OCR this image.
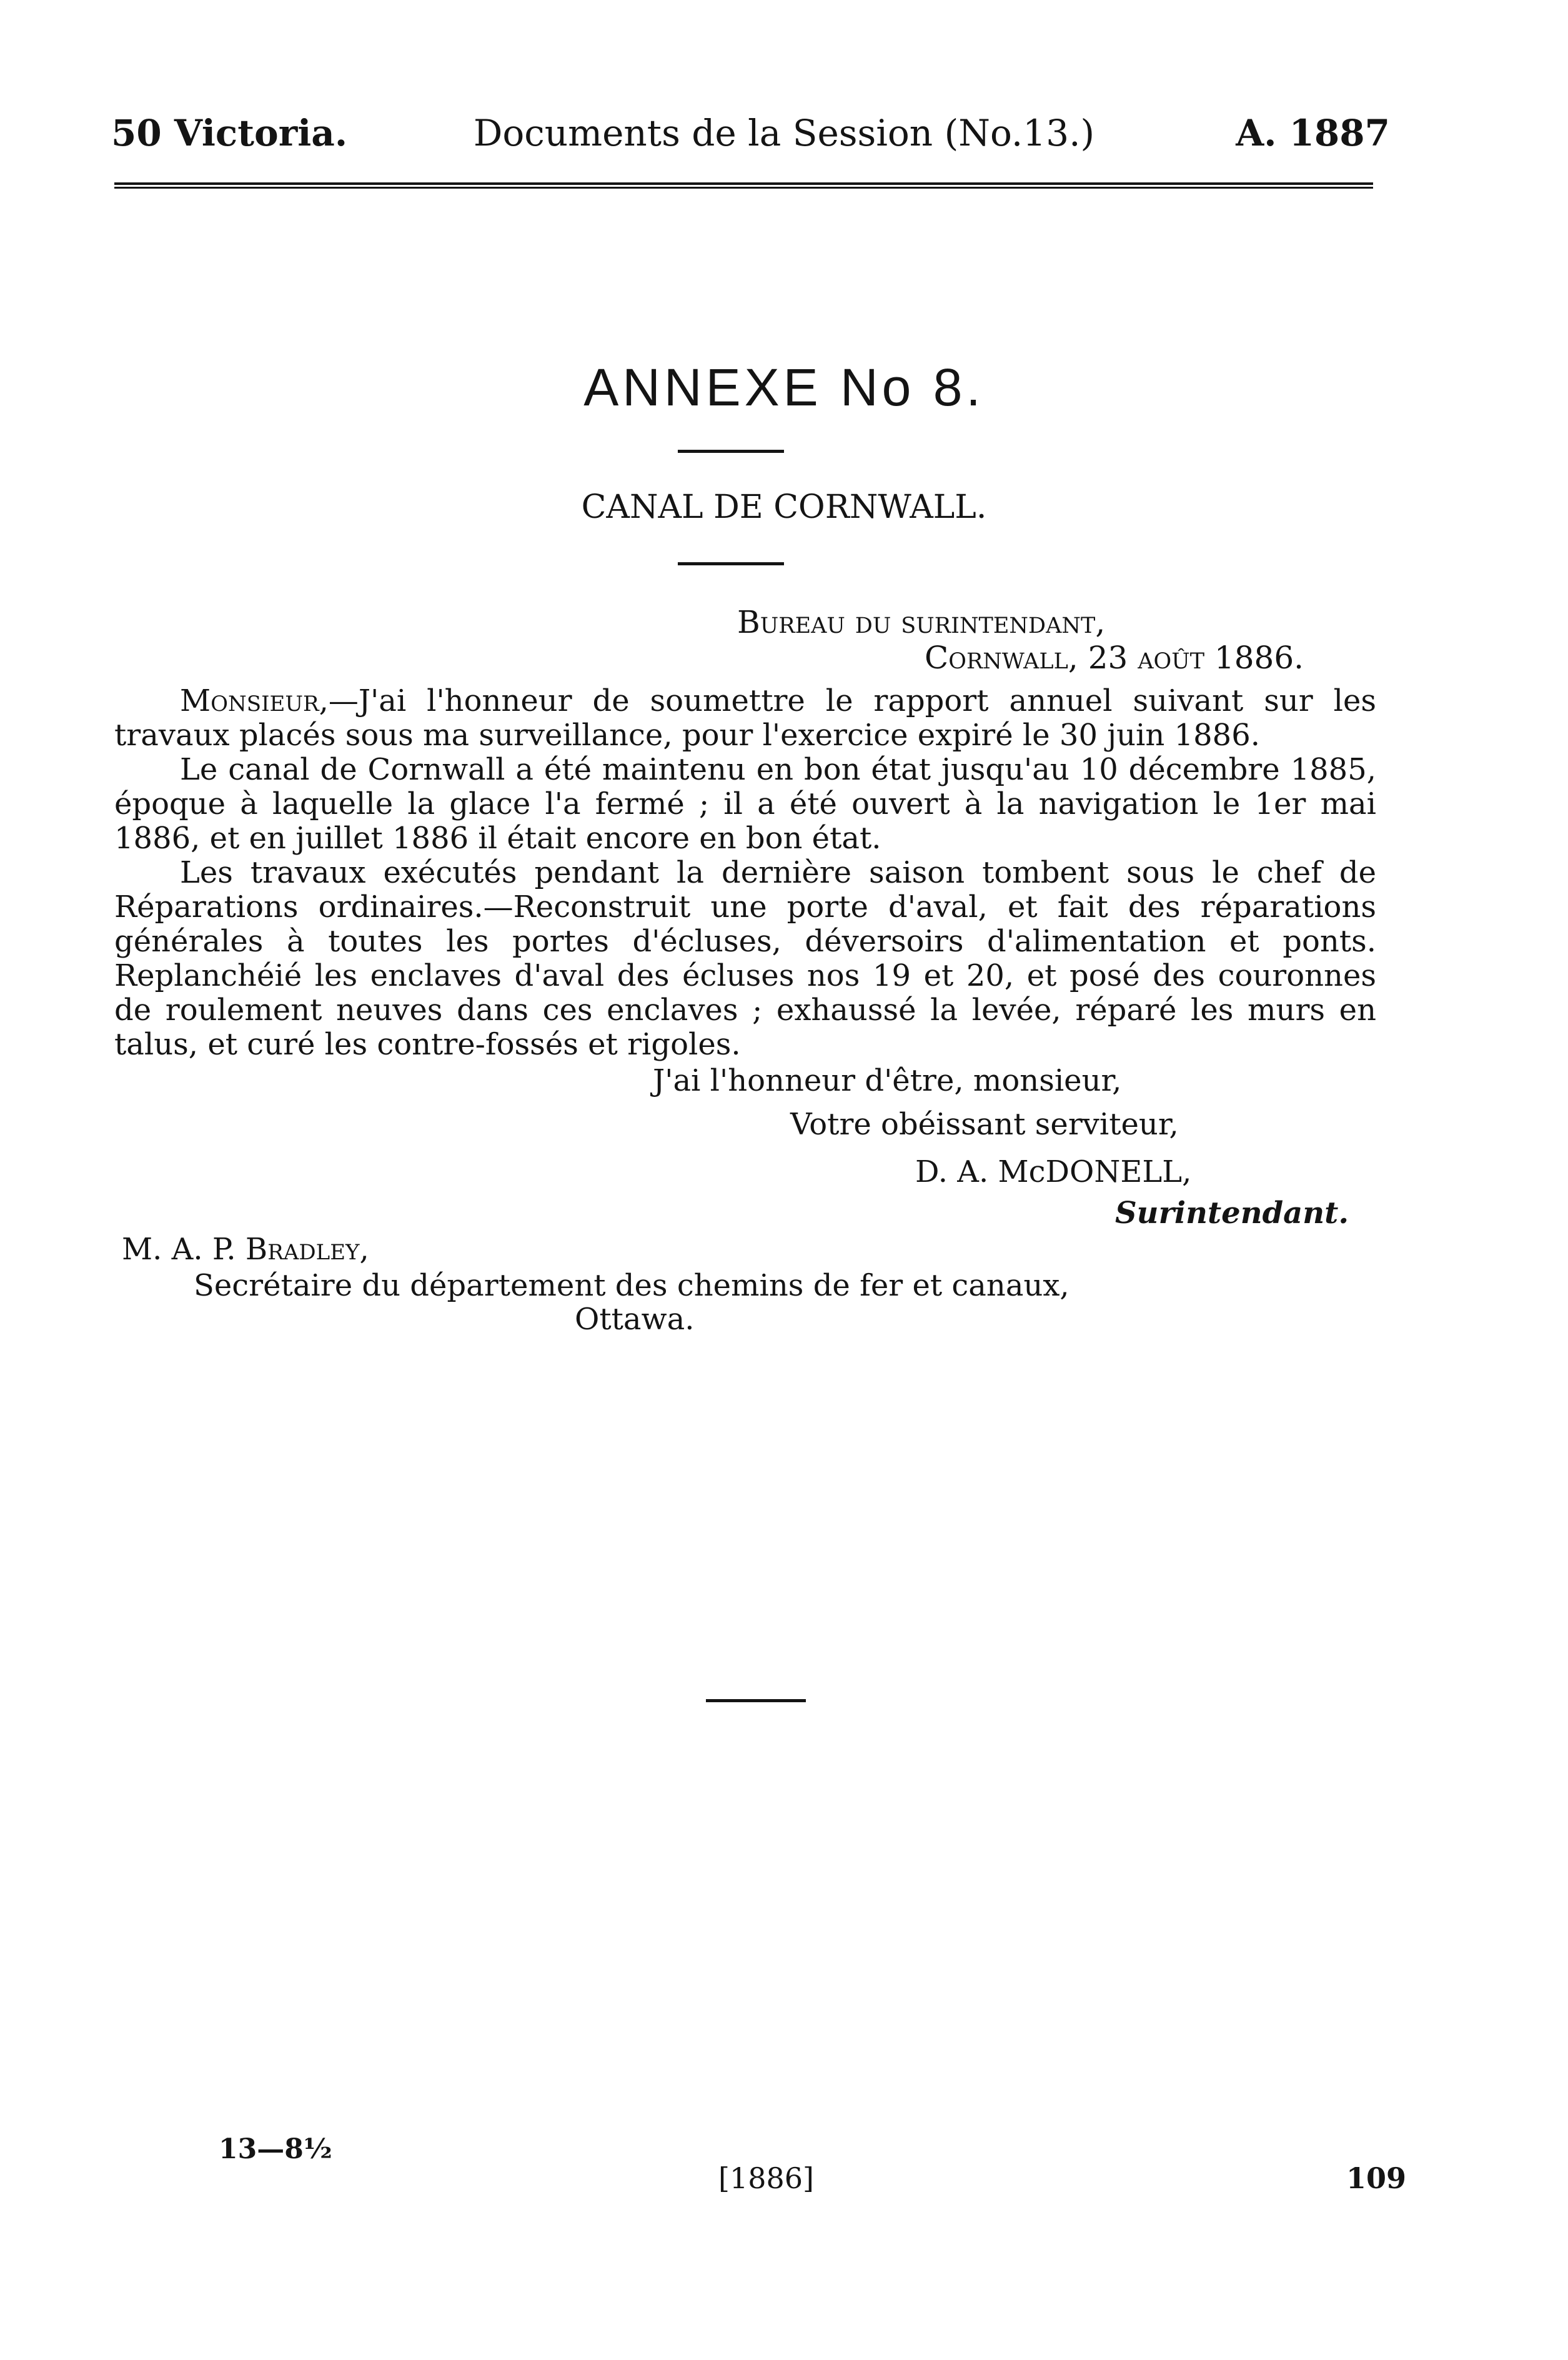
50 Victoria.	Documents de la Session (No.13.)	A. 1887
ANNEXE No 8.
CANAL DE CORNWALL.
Bureau du surintendant,
Cornwall, 23 août 1886.

Monsieur,—J'ai l'honneur de soumettre le rapport annuel suivant sur les travaux placés sous ma surveillance, pour l'exercice expiré le 30 juin 1886.

Le canal de Cornwall a été maintenu en bon état jusqu'au 10 décembre 1885, époque à laquelle la glace l'a fermé ; il a été ouvert à la navigation le 1er mai 1886, et en juillet 1886 il était encore en bon état.

Les travaux exécutés pendant la dernière saison tombent sous le chef de Réparations ordinaires.—Reconstruit une porte d'aval, et fait des réparations générales à toutes les portes d'écluses, déversoirs d'alimentation et ponts. Replanchéié les enclaves d'aval des écluses nos 19 et 20, et posé des couronnes de roulement neuves dans ces enclaves ; exhaussé la levée, réparé les murs en talus, et curé les contre-fossés et rigoles.

J'ai l'honneur d'être, monsieur,
Votre obéissant serviteur,
D. A. McDONELL,
Surintendant.
M. A. P. Bradley,
Secrétaire du département des chemins de fer et canaux,
Ottawa.
13—8½
[1886]	109
